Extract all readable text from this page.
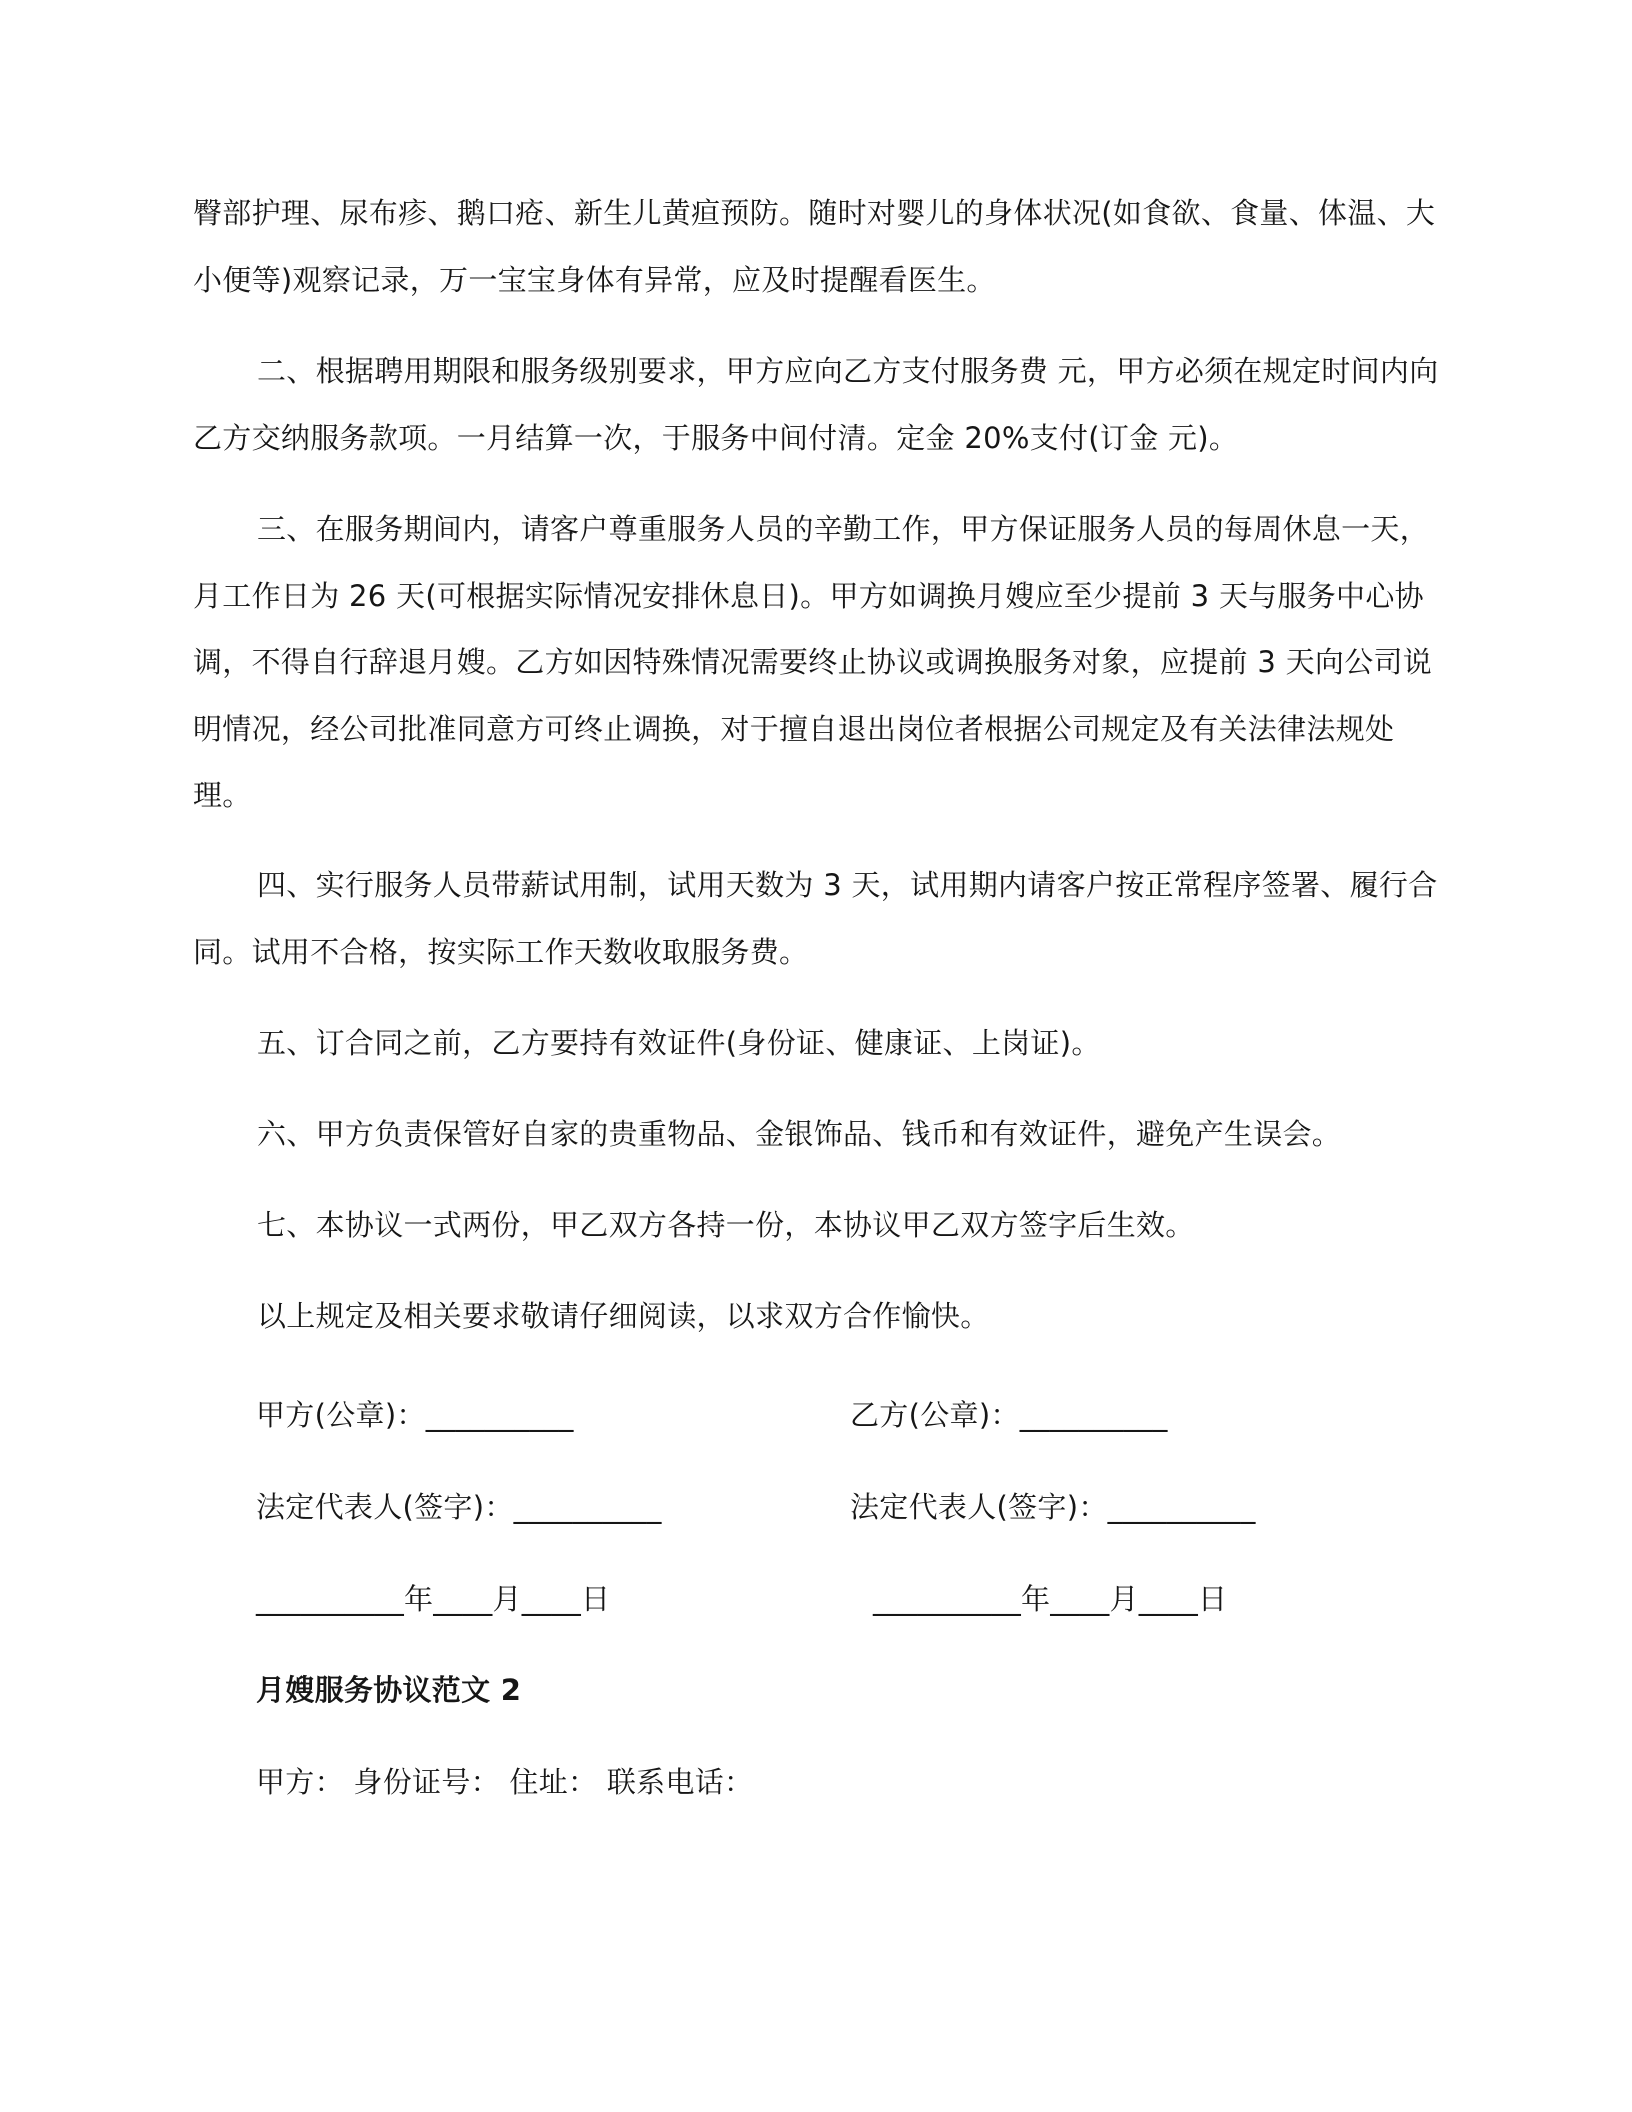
臀部护理、尿布疹、鹅口疮、新生儿黄疸预防。随时对婴儿的身体状况(如食欲、食量、体温、大小便等)观察记录，万一宝宝身体有异常，应及时提醒看医生。

二、根据聘用期限和服务级别要求，甲方应向乙方支付服务费 元，甲方必须在规定时间内向乙方交纳服务款项。一月结算一次，于服务中间付清。定金 20%支付(订金 元)。

三、在服务期间内，请客户尊重服务人员的辛勤工作，甲方保证服务人员的每周休息一天，月工作日为 26 天(可根据实际情况安排休息日)。甲方如调换月嫂应至少提前 3 天与服务中心协调，不得自行辞退月嫂。乙方如因特殊情况需要终止协议或调换服务对象，应提前 3 天向公司说明情况，经公司批准同意方可终止调换，对于擅自退出岗位者根据公司规定及有关法律法规处理。

四、实行服务人员带薪试用制，试用天数为 3 天，试用期内请客户按正常程序签署、履行合同。试用不合格，按实际工作天数收取服务费。

五、订合同之前，乙方要持有效证件(身份证、健康证、上岗证)。

六、甲方负责保管好自家的贵重物品、金银饰品、钱币和有效证件，避免产生误会。

七、本协议一式两份，甲乙双方各持一份，本协议甲乙双方签字后生效。

以上规定及相关要求敬请仔细阅读，以求双方合作愉快。

甲方(公章)：__________	乙方(公章)：__________

法定代表人(签字)：__________	法定代表人(签字)：__________

__________年____月____日	__________年____月____日

月嫂服务协议范文 2

甲方： 身份证号： 住址： 联系电话：
